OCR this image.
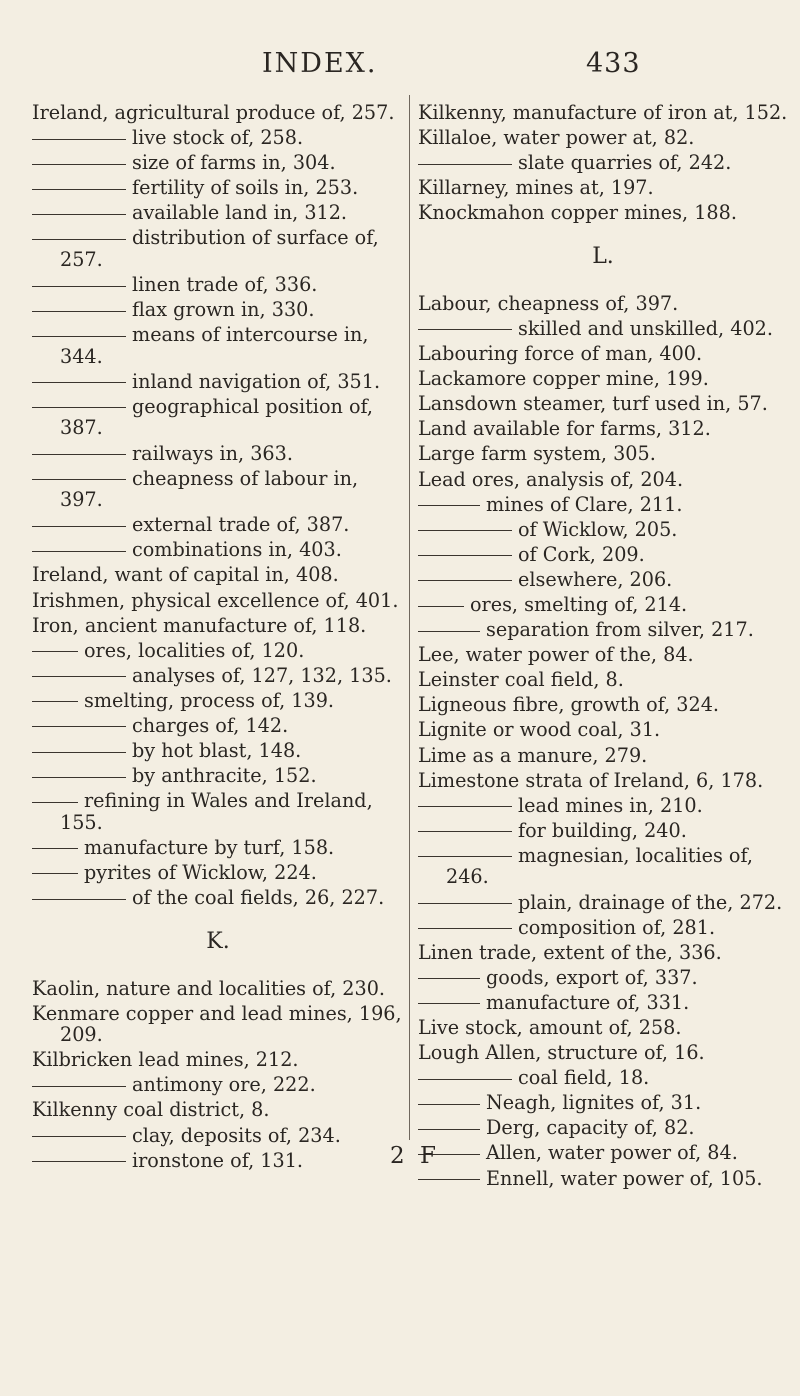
INDEX.	433
Ireland, agricultural produce of, 257.
live stock of, 258.
size of farms in, 304.
fertility of soils in, 253.
available land in, 312.
distribution of surface of, 257.
linen trade of, 336.
flax grown in, 330.
means of intercourse in, 344.
inland navigation of, 351.
geographical position of, 387.
railways in, 363.
cheapness of labour in, 397.
external trade of, 387.
combinations in, 403.
Ireland, want of capital in, 408.
Irishmen, physical excellence of, 401.
Iron, ancient manufacture of, 118.
ores, localities of, 120.
analyses of, 127, 132, 135.
smelting, process of, 139.
charges of, 142.
by hot blast, 148.
by anthracite, 152.
refining in Wales and Ireland, 155.
manufacture by turf, 158.
pyrites of Wicklow, 224.
of the coal fields, 26, 227.
K.
Kaolin, nature and localities of, 230.
Kenmare copper and lead mines, 196, 209.
Kilbricken lead mines, 212.
antimony ore, 222.
Kilkenny coal district, 8.
clay, deposits of, 234.
ironstone of, 131.
Kilkenny, manufacture of iron at, 152.
Killaloe, water power at, 82.
slate quarries of, 242.
Killarney, mines at, 197.
Knockmahon copper mines, 188.
L.
Labour, cheapness of, 397.
skilled and unskilled, 402.
Labouring force of man, 400.
Lackamore copper mine, 199.
Lansdown steamer, turf used in, 57.
Land available for farms, 312.
Large farm system, 305.
Lead ores, analysis of, 204.
mines of Clare, 211.
of Wicklow, 205.
of Cork, 209.
elsewhere, 206.
ores, smelting of, 214.
separation from silver, 217.
Lee, water power of the, 84.
Leinster coal field, 8.
Ligneous fibre, growth of, 324.
Lignite or wood coal, 31.
Lime as a manure, 279.
Limestone strata of Ireland, 6, 178.
lead mines in, 210.
for building, 240.
magnesian, localities of, 246.
plain, drainage of the, 272.
composition of, 281.
Linen trade, extent of the, 336.
goods, export of, 337.
manufacture of, 331.
Live stock, amount of, 258.
Lough Allen, structure of, 16.
coal field, 18.
Neagh, lignites of, 31.
Derg, capacity of, 82.
Allen, water power of, 84.
Ennell, water power of, 105.
2 F
